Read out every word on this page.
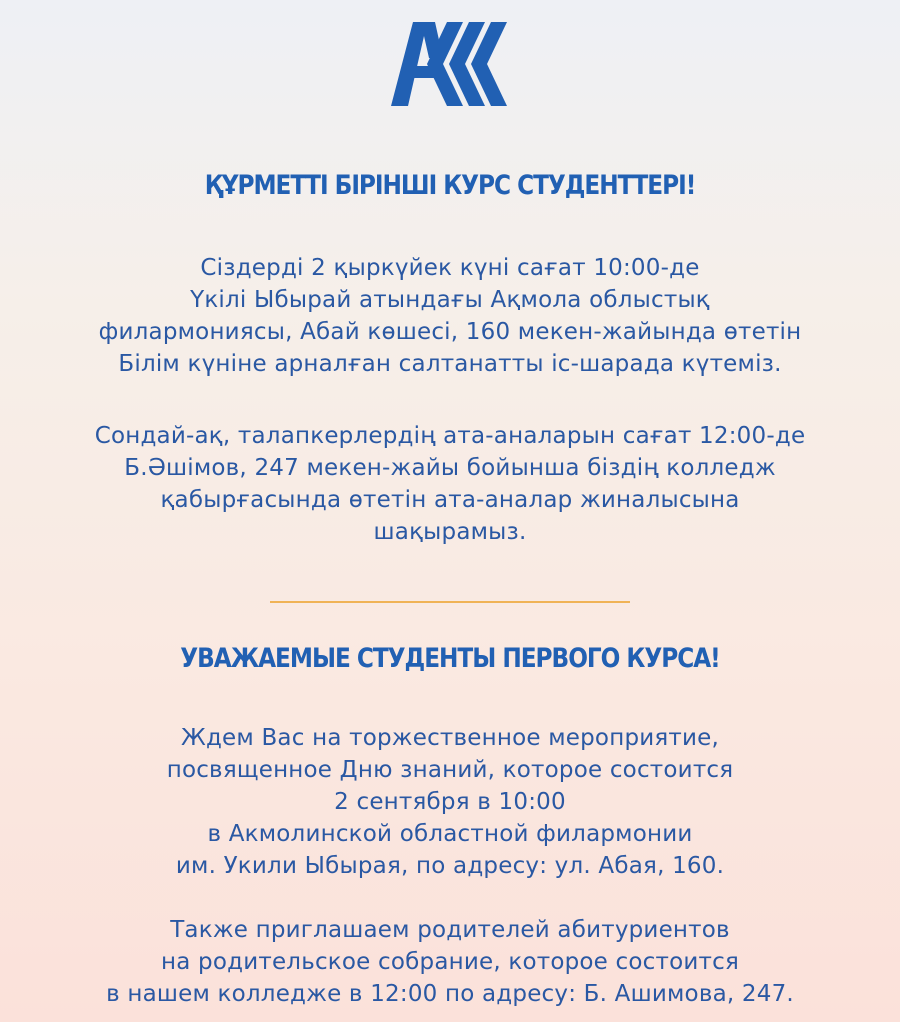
ҚҰРМЕТТІ БІРІНШІ КУРС СТУДЕНТТЕРІ!
Сіздерді 2 қыркүйек күні сағат 10:00-де
Үкілі Ыбырай атындағы Ақмола облыстық
филармониясы, Абай көшесі, 160 мекен-жайында өтетін
Білім күніне арналған салтанатты іс-шарада күтеміз.
Сондай-ақ, талапкерлердің ата-аналарын сағат 12:00-де
Б.Әшімов, 247 мекен-жайы бойынша біздің колледж
қабырғасында өтетін ата-аналар жиналысына
шақырамыз.
УВАЖАЕМЫЕ СТУДЕНТЫ ПЕРВОГО КУРСА!
Ждем Вас на торжественное мероприятие,
посвященное Дню знаний, которое состоится
2 сентября в 10:00
в Акмолинской областной филармонии
им. Укили Ыбырая, по адресу: ул. Абая, 160.
Также приглашаем родителей абитуриентов
на родительское собрание, которое состоится
в нашем колледже в 12:00 по адресу: Б. Ашимова, 247.
